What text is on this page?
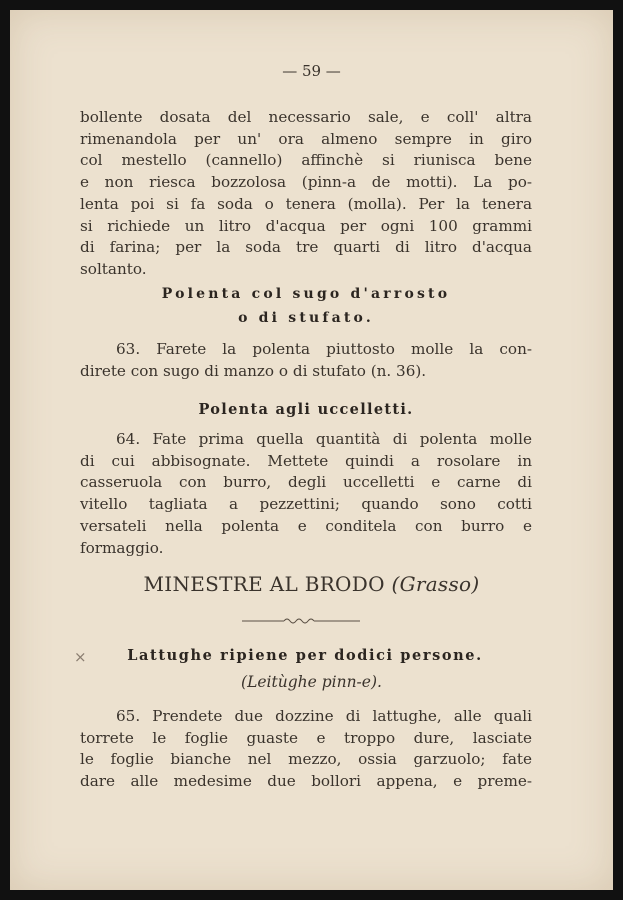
— 59 —
bollente dosata del necessario sale, e coll' altra
rimenandola per un' ora almeno sempre in giro
col mestello (cannello) affinchè si riunisca bene
e non riesca bozzolosa (pinn-a de motti). La po-
lenta poi si fa soda o tenera (molla). Per la tenera
si richiede un litro d'acqua per ogni 100 grammi
di farina; per la soda tre quarti di litro d'acqua
soltanto.
Polenta col sugo d'arrosto
o di stufato.
63. Farete la polenta piuttosto molle la con-
direte con sugo di manzo o di stufato (n. 36).
Polenta agli uccelletti.
64. Fate prima quella quantità di polenta molle
di cui abbisognate. Mettete quindi a rosolare in
casseruola con burro, degli uccelletti e carne di
vitello tagliata a pezzettini; quando sono cotti
versateli nella polenta e conditela con burro e
formaggio.
MINESTRE AL BRODO (Grasso)
×	Lattughe ripiene per dodici persone.
(Leitùghe pinn-e).
65. Prendete due dozzine di lattughe, alle quali
torrete le foglie guaste e troppo dure, lasciate
le foglie bianche nel mezzo, ossia garzuolo; fate
dare alle medesime due bollori appena, e preme-
